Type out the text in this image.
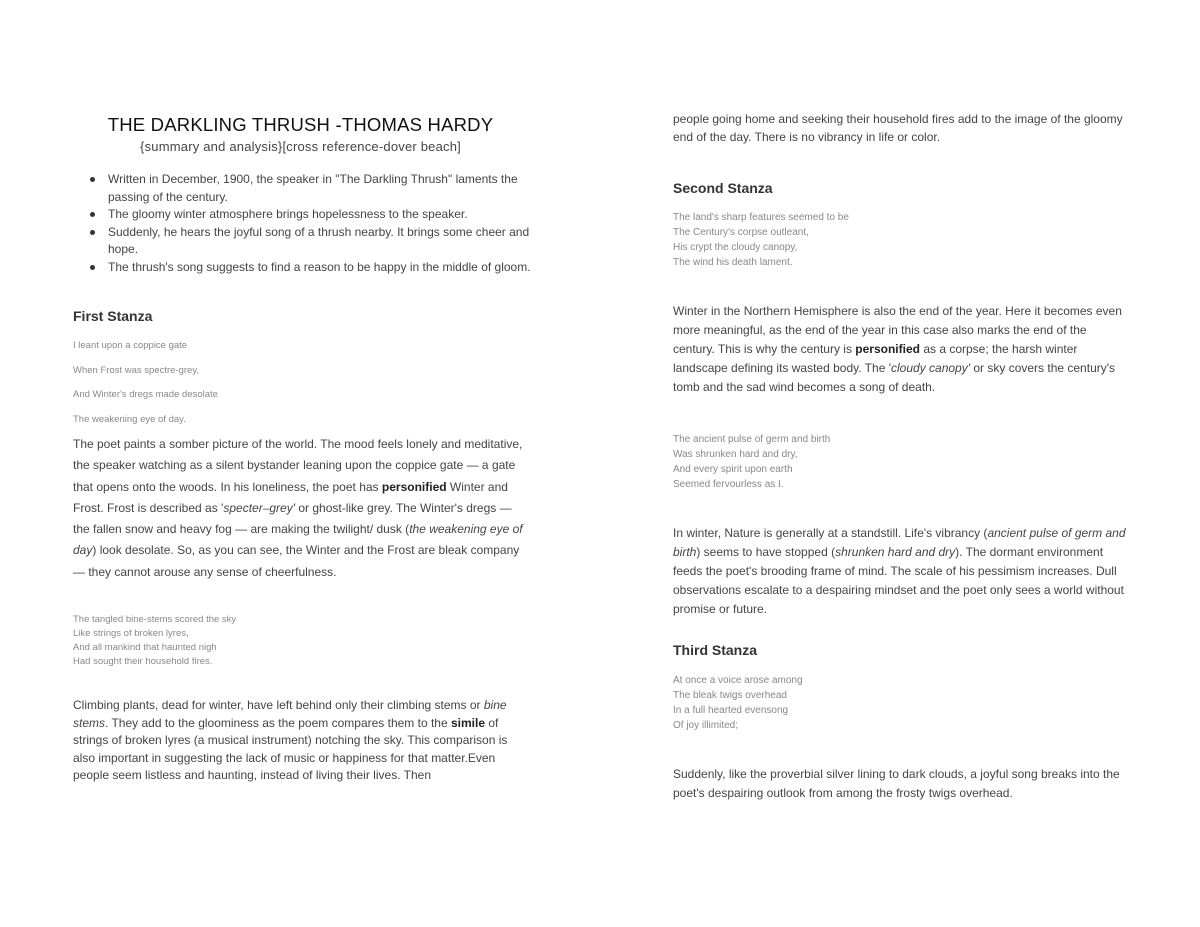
THE DARKLING THRUSH -THOMAS HARDY
{summary and analysis}[cross reference-dover beach]
Written in December, 1900, the speaker in "The Darkling Thrush" laments the passing of the century.
The gloomy winter atmosphere brings hopelessness to the speaker.
Suddenly, he hears the joyful song of a thrush nearby. It brings some cheer and hope.
The thrush's song suggests to find a reason to be happy in the middle of gloom.
First Stanza
I leant upon a coppice gate
When Frost was spectre-grey,
And Winter's dregs made desolate
The weakening eye of day.

The poet paints a somber picture of the world. The mood feels lonely and meditative, the speaker watching as a silent bystander leaning upon the coppice gate — a gate that opens onto the woods. In his loneliness, the poet has personified Winter and Frost. Frost is described as 'specter–grey' or ghost-like grey. The Winter's dregs — the fallen snow and heavy fog — are making the twilight/ dusk (the weakening eye of day) look desolate. So, as you can see, the Winter and the Frost are bleak company — they cannot arouse any sense of cheerfulness.

The tangled bine-stems scored the sky
Like strings of broken lyres,
And all mankind that haunted nigh
Had sought their household fires.

Climbing plants, dead for winter, have left behind only their climbing stems or bine stems. They add to the gloominess as the poem compares them to the simile of strings of broken lyres (a musical instrument) notching the sky. This comparison is also important in suggesting the lack of music or happiness for that matter.Even people seem listless and haunting, instead of living their lives. Then

people going home and seeking their household fires add to the image of the gloomy end of the day. There is no vibrancy in life or color.
Second Stanza
The land's sharp features seemed to be
The Century's corpse outleant,
His crypt the cloudy canopy,
The wind his death lament.

Winter in the Northern Hemisphere is also the end of the year. Here it becomes even more meaningful, as the end of the year in this case also marks the end of the century. This is why the century is personified as a corpse; the harsh winter landscape defining its wasted body. The 'cloudy canopy' or sky covers the century's tomb and the sad wind becomes a song of death.

The ancient pulse of germ and birth
Was shrunken hard and dry,
And every spirit upon earth
Seemed fervourless as I.

In winter, Nature is generally at a standstill. Life's vibrancy (ancient pulse of germ and birth) seems to have stopped (shrunken hard and dry). The dormant environment feeds the poet's brooding frame of mind. The scale of his pessimism increases. Dull observations escalate to a despairing mindset and the poet only sees a world without promise or future.

Third Stanza
At once a voice arose among
The bleak twigs overhead
In a full hearted evensong
Of joy illimited;
Suddenly, like the proverbial silver lining to dark clouds, a joyful song breaks into the poet's despairing outlook from among the frosty twigs overhead.
